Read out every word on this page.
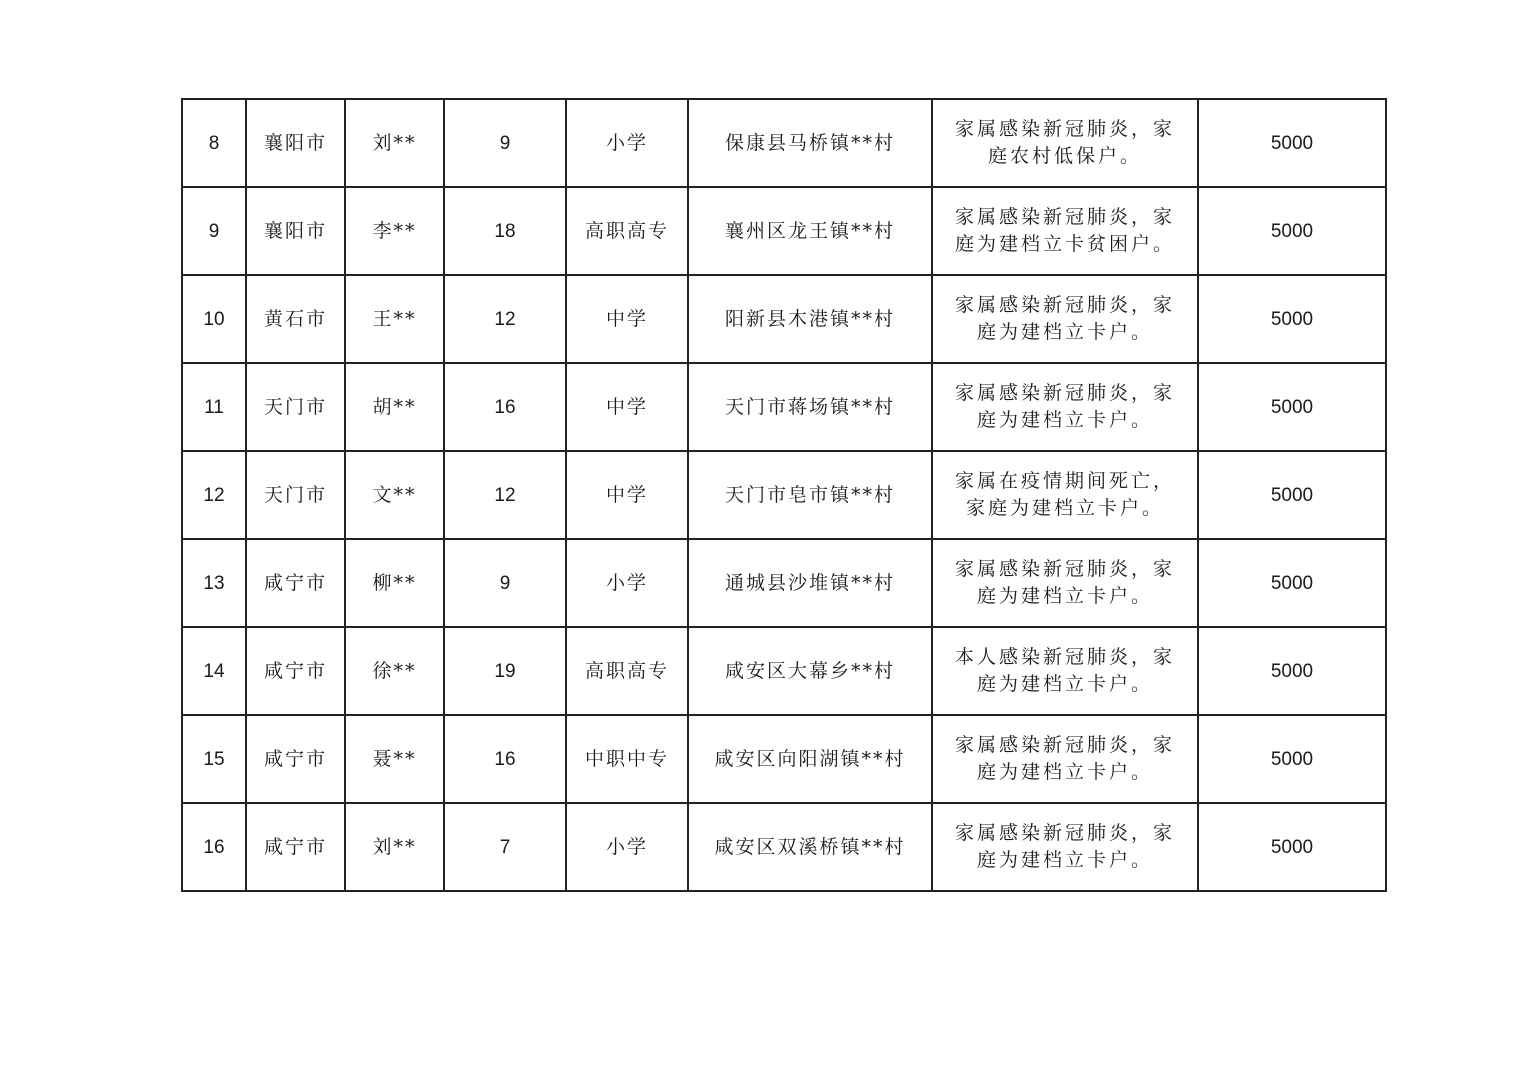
8	襄阳市	刘**	9	小学	保康县马桥镇**村	家属感染新冠肺炎，家庭农村低保户。	5000
9	襄阳市	李**	18	高职高专	襄州区龙王镇**村	家属感染新冠肺炎，家庭为建档立卡贫困户。	5000
10	黄石市	王**	12	中学	阳新县木港镇**村	家属感染新冠肺炎，家庭为建档立卡户。	5000
11	天门市	胡**	16	中学	天门市蒋场镇**村	家属感染新冠肺炎，家庭为建档立卡户。	5000
12	天门市	文**	12	中学	天门市皂市镇**村	家属在疫情期间死亡，家庭为建档立卡户。	5000
13	咸宁市	柳**	9	小学	通城县沙堆镇**村	家属感染新冠肺炎，家庭为建档立卡户。	5000
14	咸宁市	徐**	19	高职高专	咸安区大幕乡**村	本人感染新冠肺炎，家庭为建档立卡户。	5000
15	咸宁市	聂**	16	中职中专	咸安区向阳湖镇**村	家属感染新冠肺炎，家庭为建档立卡户。	5000
16	咸宁市	刘**	7	小学	咸安区双溪桥镇**村	家属感染新冠肺炎，家庭为建档立卡户。	5000
